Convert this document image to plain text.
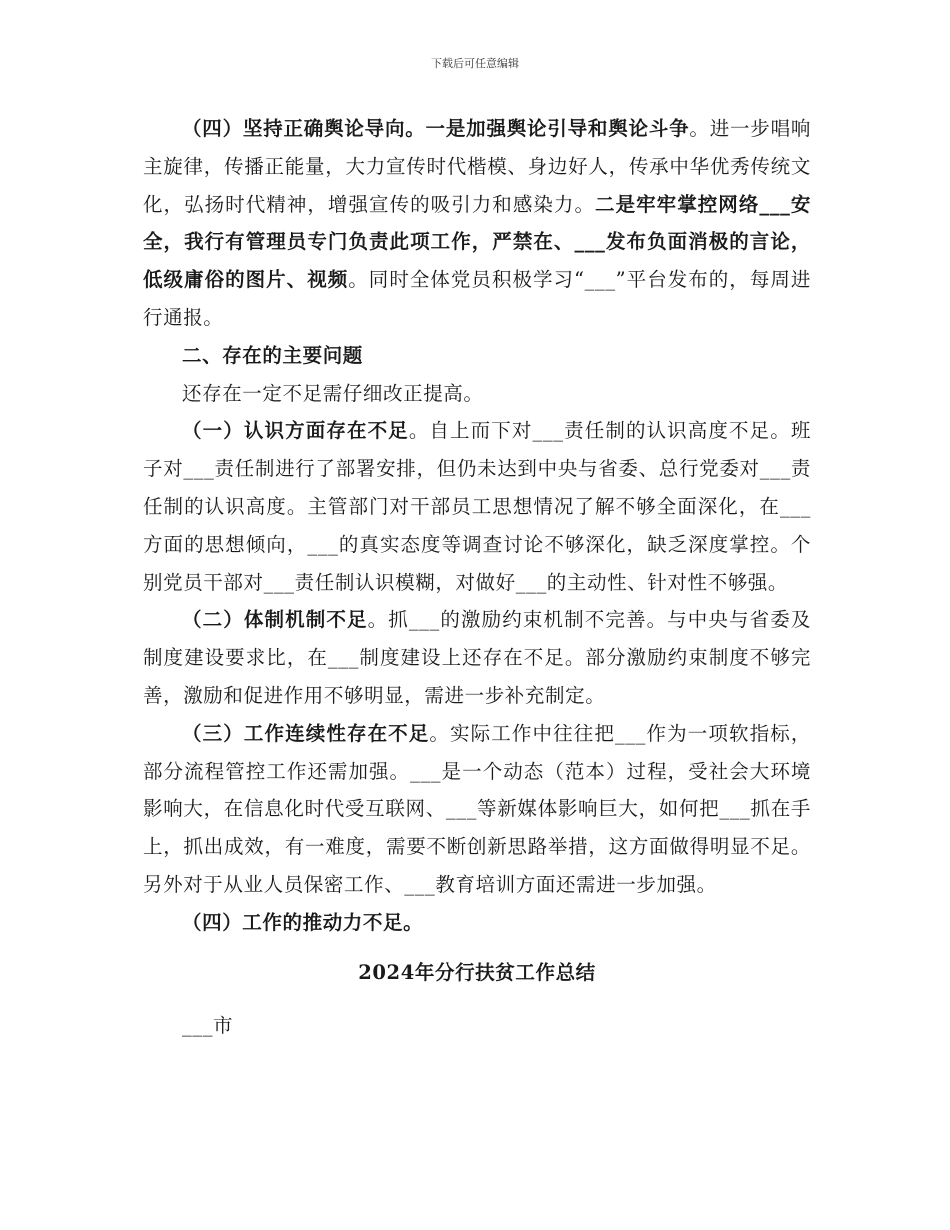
下载后可任意编辑

（四）坚持正确舆论导向。一是加强舆论引导和舆论斗争。进一步唱响主旋律，传播正能量，大力宣传时代楷模、身边好人，传承中华优秀传统文化，弘扬时代精神，增强宣传的吸引力和感染力。二是牢牢掌控网络___安全，我行有管理员专门负责此项工作，严禁在、___发布负面消极的言论，低级庸俗的图片、视频。同时全体党员积极学习“___”平台发布的，每周进行通报。

二、存在的主要问题

还存在一定不足需仔细改正提高。

（一）认识方面存在不足。自上而下对___责任制的认识高度不足。班子对___责任制进行了部署安排，但仍未达到中央与省委、总行党委对___责任制的认识高度。主管部门对干部员工思想情况了解不够全面深化，在___方面的思想倾向，___的真实态度等调查讨论不够深化，缺乏深度掌控。个别党员干部对___责任制认识模糊，对做好___的主动性、针对性不够强。

（二）体制机制不足。抓___的激励约束机制不完善。与中央与省委及制度建设要求比，在___制度建设上还存在不足。部分激励约束制度不够完善，激励和促进作用不够明显，需进一步补充制定。

（三）工作连续性存在不足。实际工作中往往把___作为一项软指标，部分流程管控工作还需加强。___是一个动态（范本）过程，受社会大环境影响大，在信息化时代受互联网、___等新媒体影响巨大，如何把___抓在手上，抓出成效，有一难度，需要不断创新思路举措，这方面做得明显不足。另外对于从业人员保密工作、___教育培训方面还需进一步加强。

（四）工作的推动力不足。

2024年分行扶贫工作总结

___市
